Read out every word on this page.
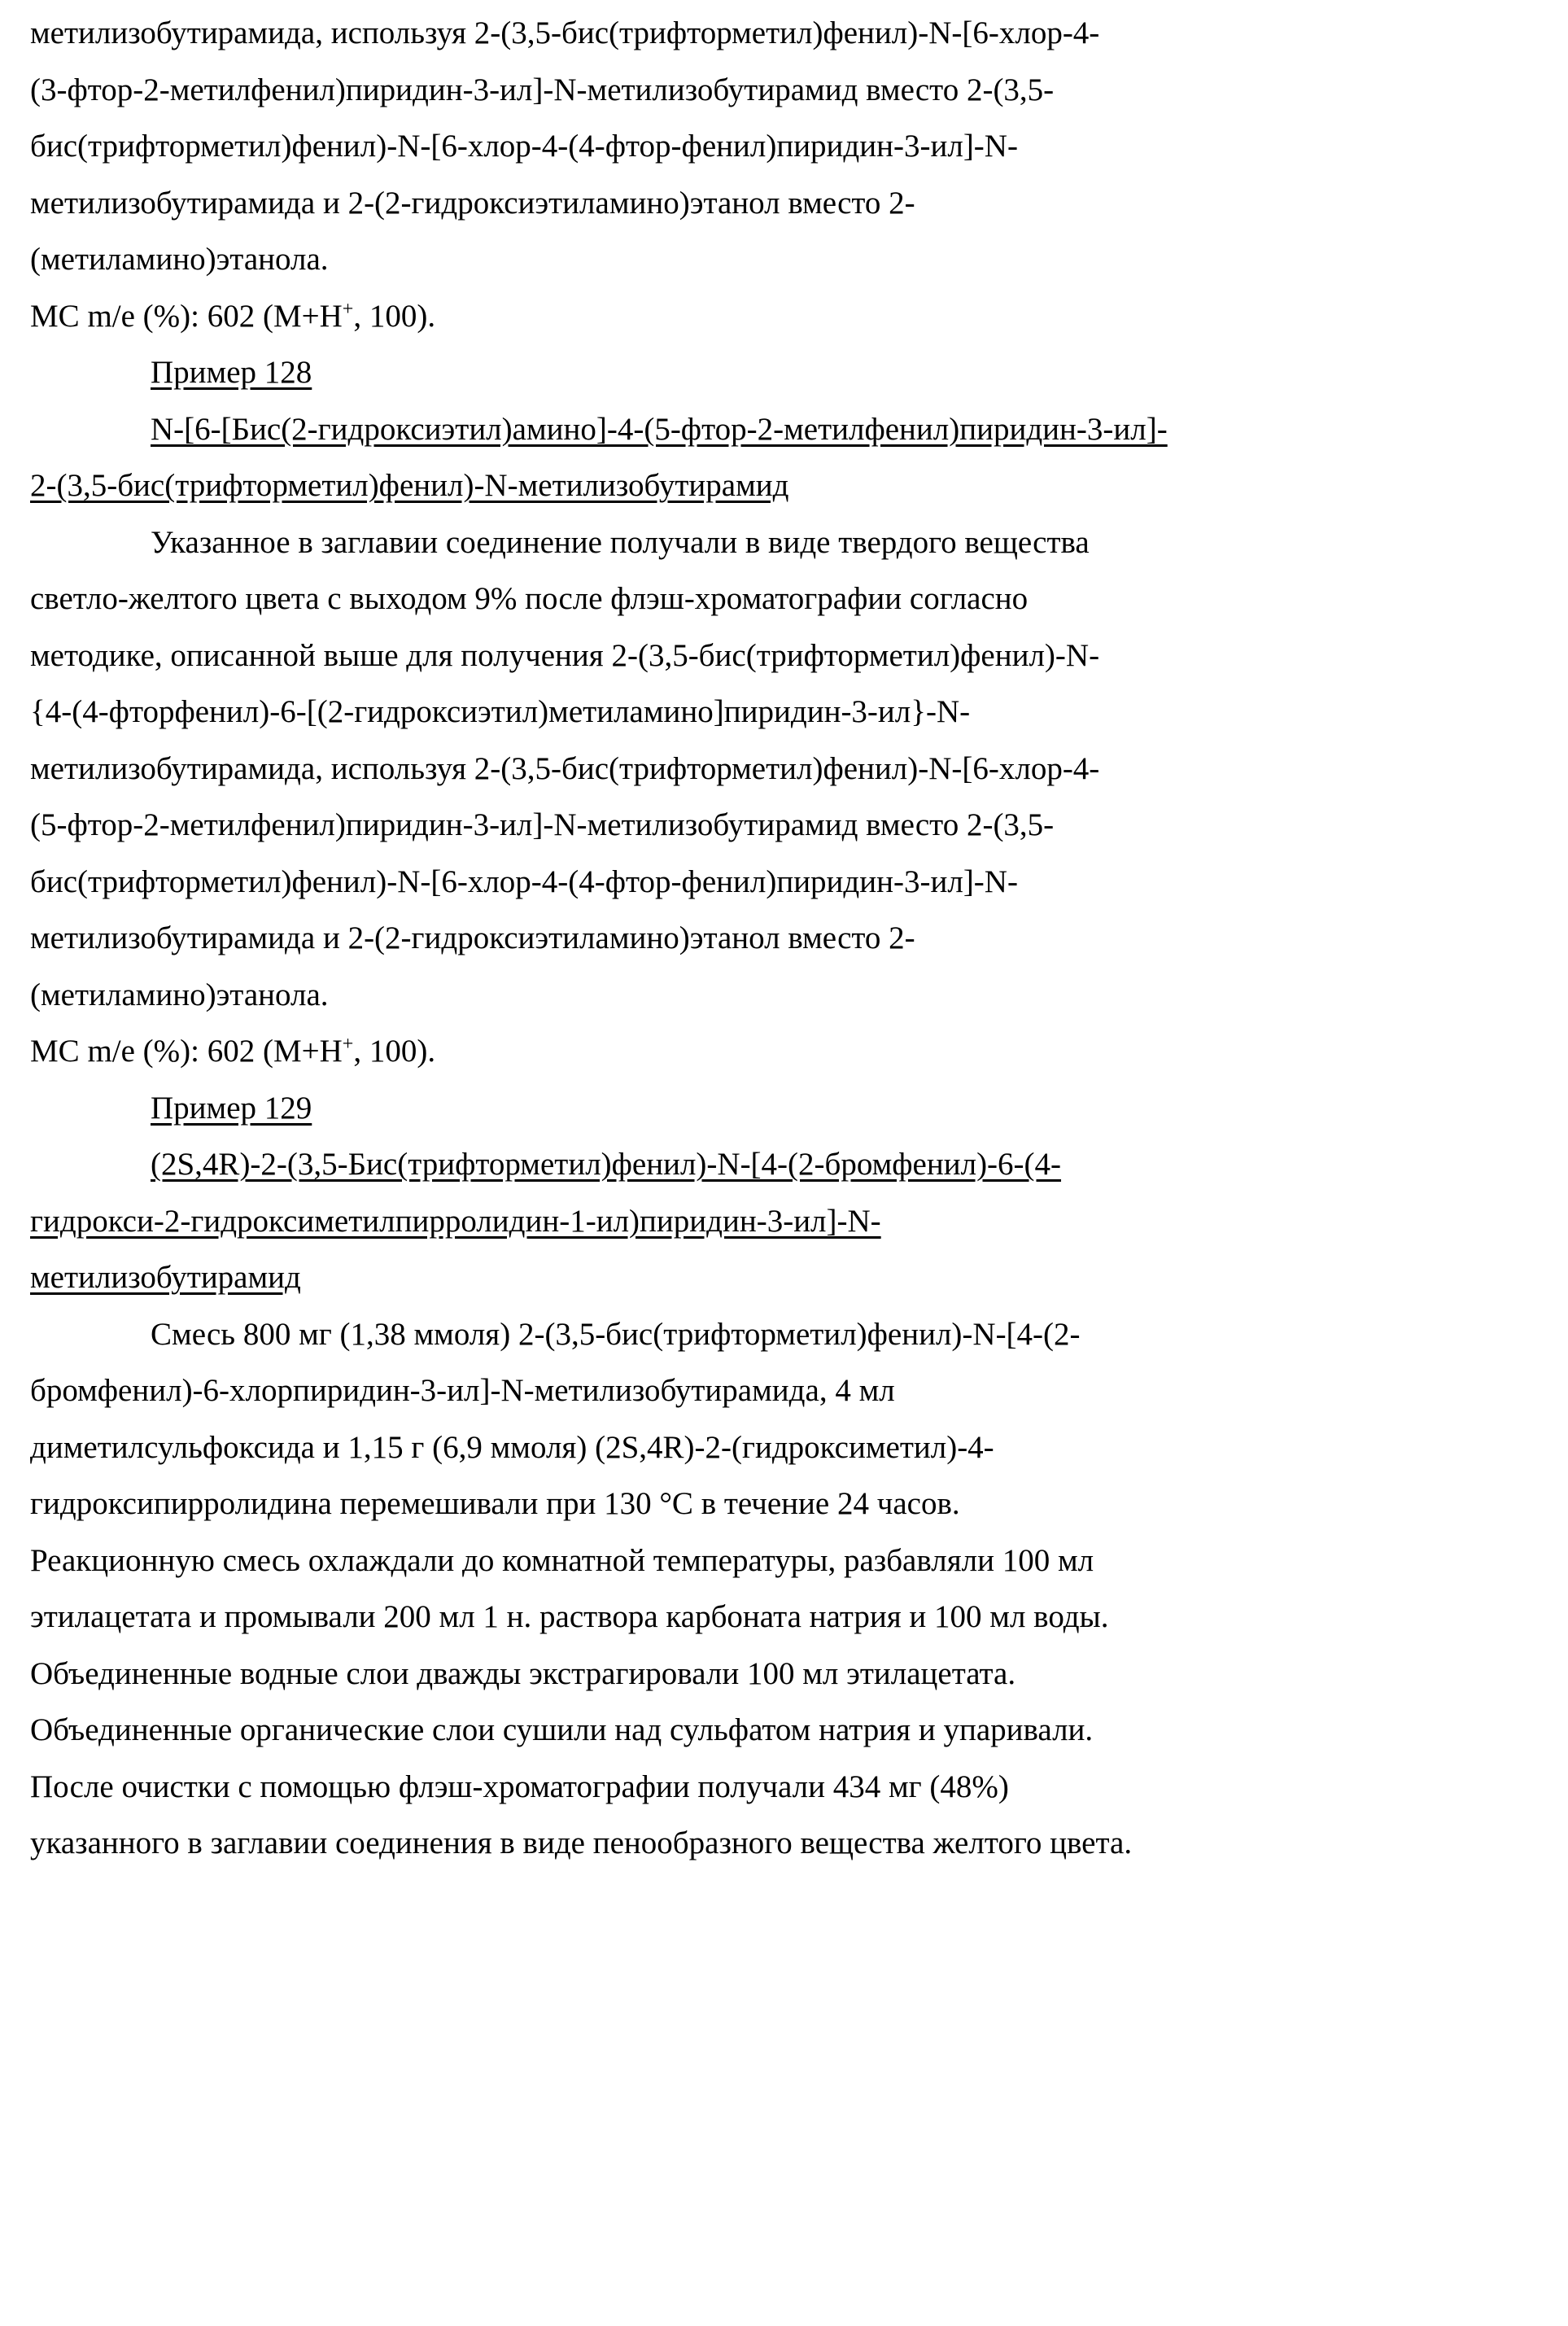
метилизобутирамида, используя 2-(3,5-бис(трифторметил)фенил)-N-[6-хлор-4-
(3-фтор-2-метилфенил)пиридин-3-ил]-N-метилизобутирамид вместо 2-(3,5-
бис(трифторметил)фенил)-N-[6-хлор-4-(4-фтор-фенил)пиридин-3-ил]-N-
метилизобутирамида и 2-(2-гидроксиэтиламино)этанол вместо 2-
(метиламино)этанола.
МС m/e (%): 602 (M+H+, 100).
Пример 128
N-[6-[Бис(2-гидроксиэтил)амино]-4-(5-фтор-2-метилфенил)пиридин-3-ил]-
2-(3,5-бис(трифторметил)фенил)-N-метилизобутирамид
Указанное в заглавии соединение получали в виде твердого вещества
светло-желтого цвета с выходом 9% после флэш-хроматографии согласно
методике, описанной выше для получения 2-(3,5-бис(трифторметил)фенил)-N-
{4-(4-фторфенил)-6-[(2-гидроксиэтил)метиламино]пиридин-3-ил}-N-
метилизобутирамида, используя 2-(3,5-бис(трифторметил)фенил)-N-[6-хлор-4-
(5-фтор-2-метилфенил)пиридин-3-ил]-N-метилизобутирамид вместо 2-(3,5-
бис(трифторметил)фенил)-N-[6-хлор-4-(4-фтор-фенил)пиридин-3-ил]-N-
метилизобутирамида и 2-(2-гидроксиэтиламино)этанол вместо 2-
(метиламино)этанола.
МС m/e (%): 602 (M+H+, 100).
Пример 129
(2S,4R)-2-(3,5-Бис(трифторметил)фенил)-N-[4-(2-бромфенил)-6-(4-
гидрокси-2-гидроксиметилпирролидин-1-ил)пиридин-3-ил]-N-
метилизобутирамид
Смесь 800 мг (1,38 ммоля) 2-(3,5-бис(трифторметил)фенил)-N-[4-(2-
бромфенил)-6-хлорпиридин-3-ил]-N-метилизобутирамида, 4 мл
диметилсульфоксида и 1,15 г (6,9 ммоля) (2S,4R)-2-(гидроксиметил)-4-
гидроксипирролидина перемешивали при 130 °C в течение 24 часов.
Реакционную смесь охлаждали до комнатной температуры, разбавляли 100 мл
этилацетата и промывали 200 мл 1 н. раствора карбоната натрия и 100 мл воды.
Объединенные водные слои дважды экстрагировали 100 мл этилацетата.
Объединенные органические слои сушили над сульфатом натрия и упаривали.
После очистки с помощью флэш-хроматографии получали 434 мг (48%)
указанного в заглавии соединения в виде пенообразного вещества желтого цвета.
